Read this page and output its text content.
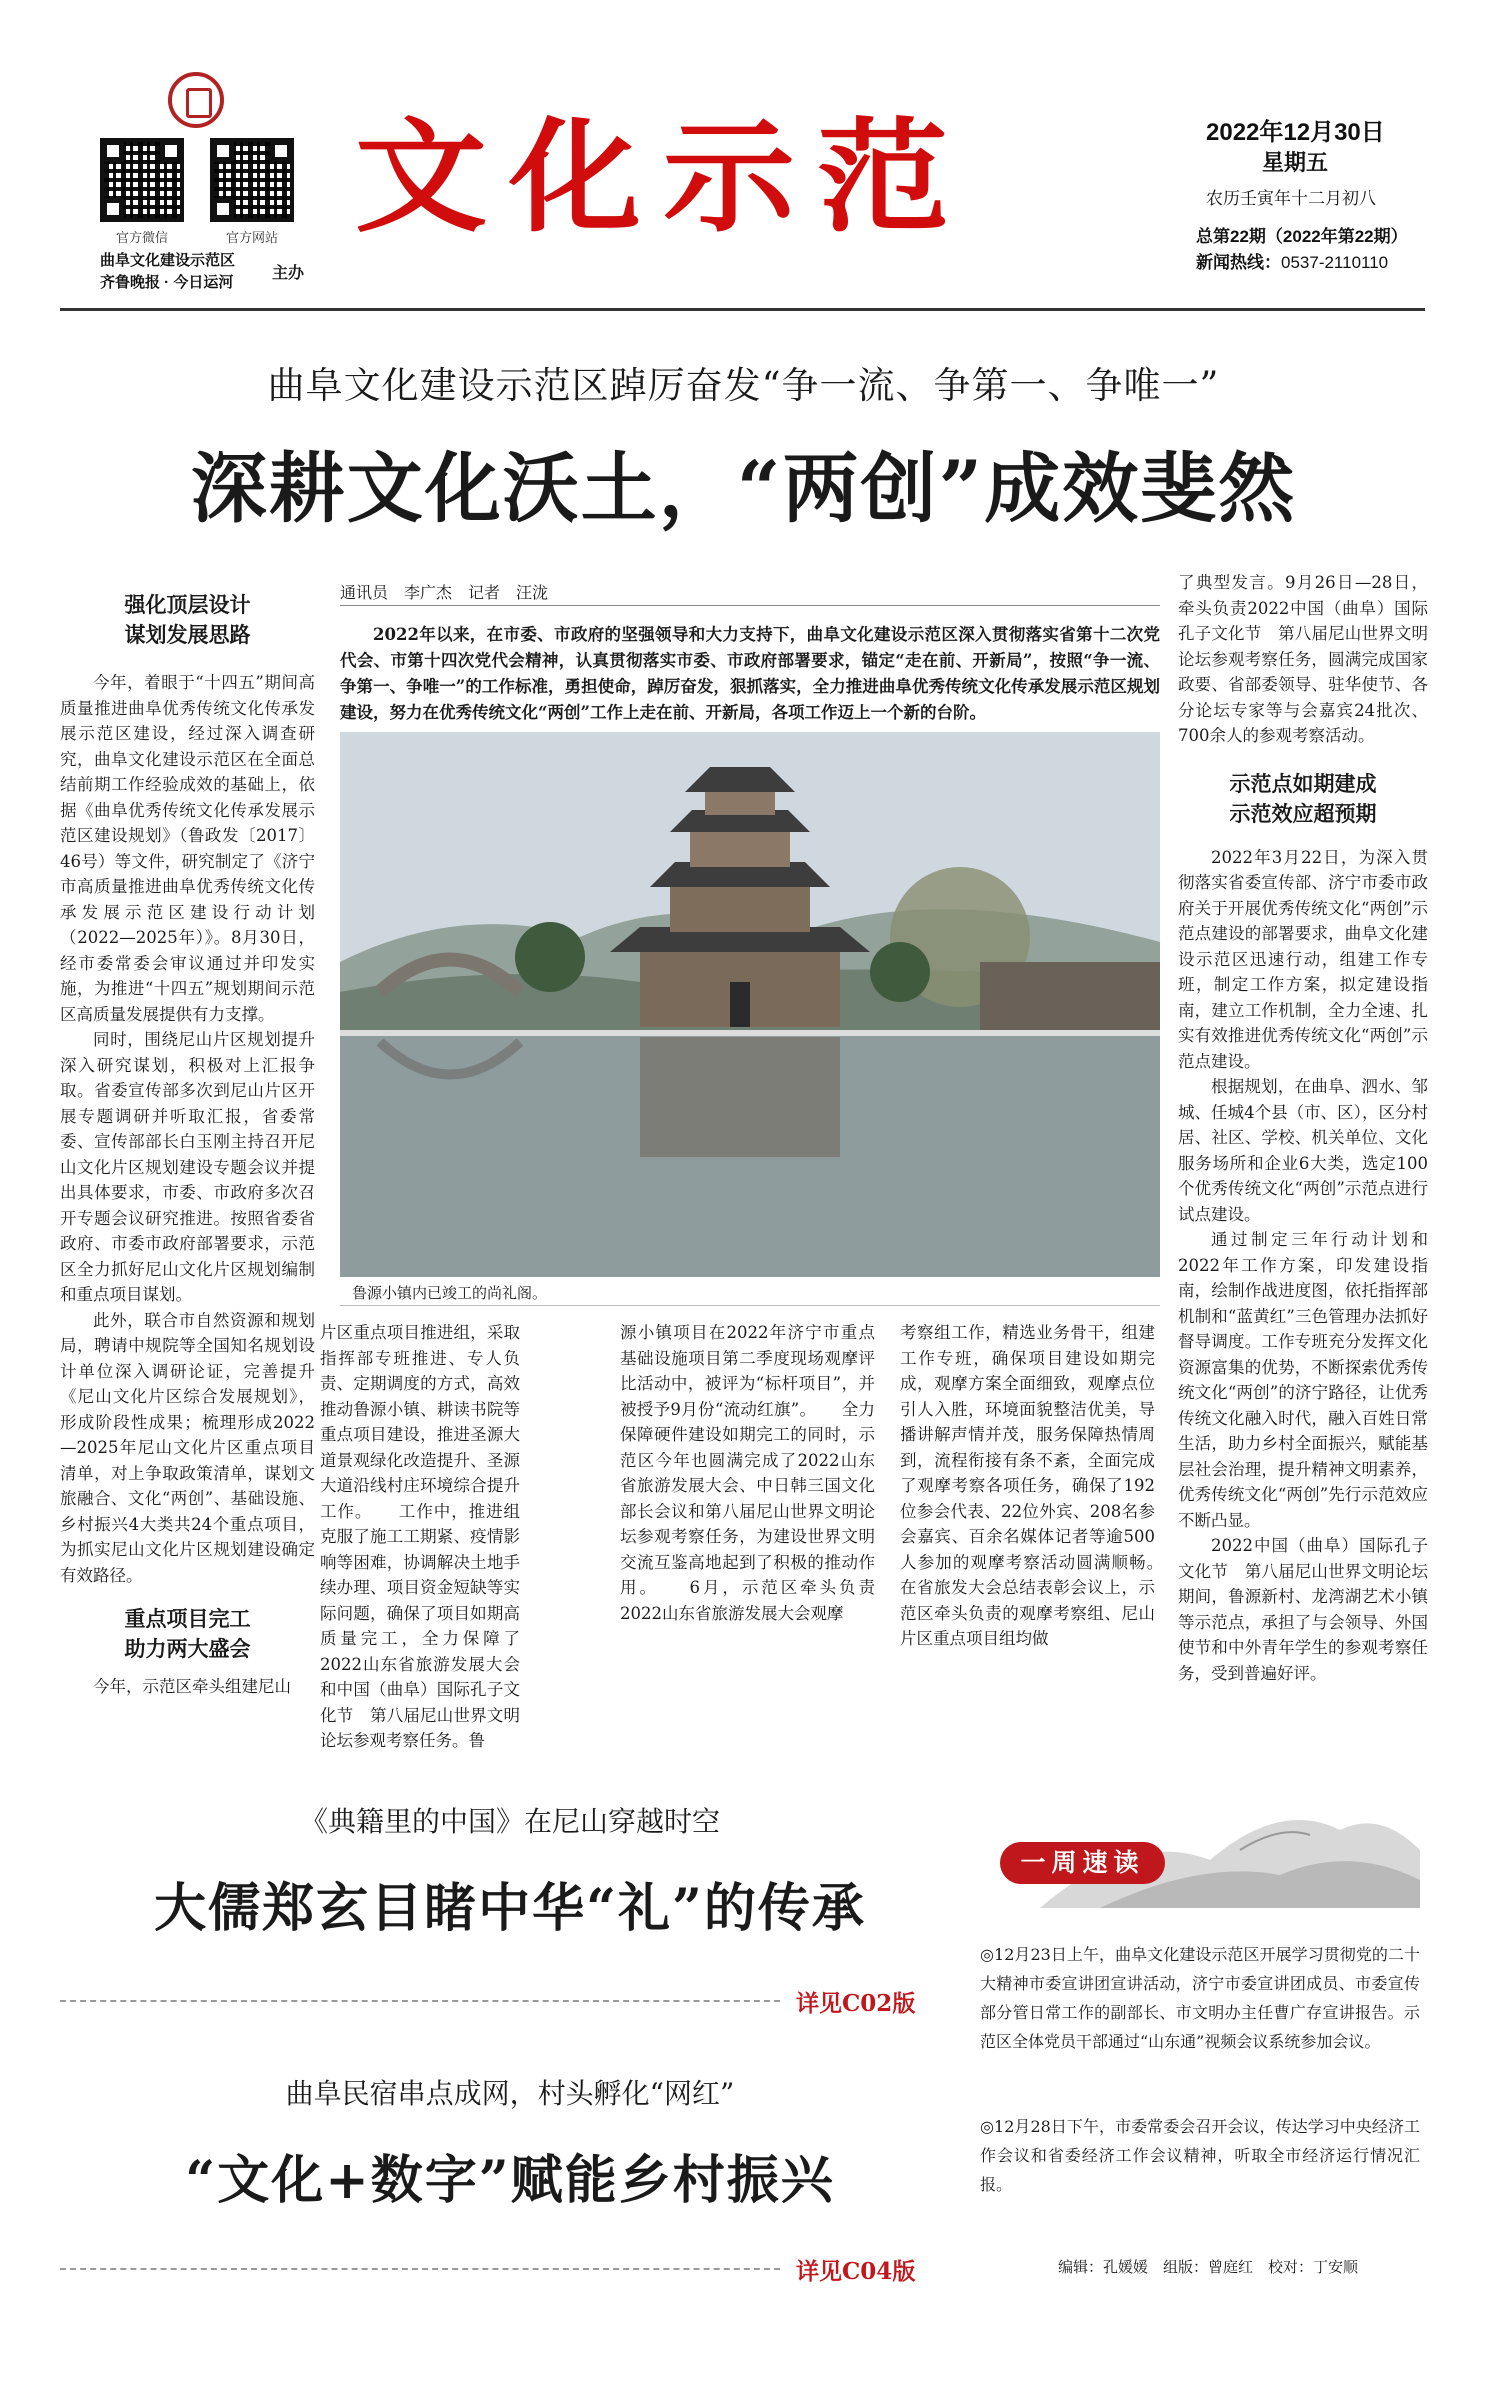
官方微信	官方网站
曲阜文化建设示范区
齐鲁晚报 · 今日运河
主办
文化示范	2022年12月30日
星期五
农历壬寅年十二月初八
总第22期（2022年第22期）
新闻热线：0537-2110110
曲阜文化建设示范区踔厉奋发“争一流、争第一、争唯一”
深耕文化沃土，“两创”成效斐然
强化顶层设计
谋划发展思路

今年，着眼于“十四五”期间高质量推进曲阜优秀传统文化传承发展示范区建设，经过深入调查研究，曲阜文化建设示范区在全面总结前期工作经验成效的基础上，依据《曲阜优秀传统文化传承发展示范区建设规划》（鲁政发〔2017〕46号）等文件，研究制定了《济宁市高质量推进曲阜优秀传统文化传承发展示范区建设行动计划（2022—2025年）》。8月30日，经市委常委会审议通过并印发实施，为推进“十四五”规划期间示范区高质量发展提供有力支撑。

同时，围绕尼山片区规划提升深入研究谋划，积极对上汇报争取。省委宣传部多次到尼山片区开展专题调研并听取汇报，省委常委、宣传部部长白玉刚主持召开尼山文化片区规划建设专题会议并提出具体要求，市委、市政府多次召开专题会议研究推进。按照省委省政府、市委市政府部署要求，示范区全力抓好尼山文化片区规划编制和重点项目谋划。

此外，联合市自然资源和规划局，聘请中规院等全国知名规划设计单位深入调研论证，完善提升《尼山文化片区综合发展规划》，形成阶段性成果；梳理形成2022—2025年尼山文化片区重点项目清单，对上争取政策清单，谋划文旅融合、文化“两创”、基础设施、乡村振兴4大类共24个重点项目，为抓实尼山文化片区规划建设确定有效路径。

重点项目完工
助力两大盛会

今年，示范区牵头组建尼山

通讯员　李广杰　记者　汪泷

2022年以来，在市委、市政府的坚强领导和大力支持下，曲阜文化建设示范区深入贯彻落实省第十二次党代会、市第十四次党代会精神，认真贯彻落实市委、市政府部署要求，锚定“走在前、开新局”，按照“争一流、争第一、争唯一”的工作标准，勇担使命，踔厉奋发，狠抓落实，全力推进曲阜优秀传统文化传承发展示范区规划建设，努力在优秀传统文化“两创”工作上走在前、开新局，各项工作迈上一个新的台阶。

鲁源小镇内已竣工的尚礼阁。

片区重点项目推进组，采取指挥部专班推进、专人负责、定期调度的方式，高效推动鲁源小镇、耕读书院等重点项目建设，推进圣源大道景观绿化改造提升、圣源大道沿线村庄环境综合提升工作。　　工作中，推进组克服了施工工期紧、疫情影响等困难，协调解决土地手续办理、项目资金短缺等实际问题，确保了项目如期高质量完工，全力保障了2022山东省旅游发展大会和中国（曲阜）国际孔子文化节　第八届尼山世界文明论坛参观考察任务。鲁

源小镇项目在2022年济宁市重点基础设施项目第二季度现场观摩评比活动中，被评为“标杆项目”，并被授予9月份“流动红旗”。　　全力保障硬件建设如期完工的同时，示范区今年也圆满完成了2022山东省旅游发展大会、中日韩三国文化部长会议和第八届尼山世界文明论坛参观考察任务，为建设世界文明交流互鉴高地起到了积极的推动作用。　　6月，示范区牵头负责2022山东省旅游发展大会观摩

考察组工作，精选业务骨干，组建工作专班，确保项目建设如期完成，观摩方案全面细致，观摩点位引人入胜，环境面貌整洁优美，导播讲解声情并茂，服务保障热情周到，流程衔接有条不紊，全面完成了观摩考察各项任务，确保了192位参会代表、22位外宾、208名参会嘉宾、百余名媒体记者等逾500人参加的观摩考察活动圆满顺畅。　　在省旅发大会总结表彰会议上，示范区牵头负责的观摩考察组、尼山片区重点项目组均做

了典型发言。9月26日—28日，牵头负责2022中国（曲阜）国际孔子文化节　第八届尼山世界文明论坛参观考察任务，圆满完成国家政要、省部委领导、驻华使节、各分论坛专家等与会嘉宾24批次、700余人的参观考察活动。

示范点如期建成
示范效应超预期

2022年3月22日，为深入贯彻落实省委宣传部、济宁市委市政府关于开展优秀传统文化“两创”示范点建设的部署要求，曲阜文化建设示范区迅速行动，组建工作专班，制定工作方案，拟定建设指南，建立工作机制，全力全速、扎实有效推进优秀传统文化“两创”示范点建设。

根据规划，在曲阜、泗水、邹城、任城4个县（市、区），区分村居、社区、学校、机关单位、文化服务场所和企业6大类，选定100个优秀传统文化“两创”示范点进行试点建设。

通过制定三年行动计划和2022年工作方案，印发建设指南，绘制作战进度图，依托指挥部机制和“蓝黄红”三色管理办法抓好督导调度。工作专班充分发挥文化资源富集的优势，不断探索优秀传统文化“两创”的济宁路径，让优秀传统文化融入时代，融入百姓日常生活，助力乡村全面振兴，赋能基层社会治理，提升精神文明素养，优秀传统文化“两创”先行示范效应不断凸显。

2022中国（曲阜）国际孔子文化节　第八届尼山世界文明论坛期间，鲁源新村、龙湾湖艺术小镇等示范点，承担了与会领导、外国使节和中外青年学生的参观考察任务，受到普遍好评。

《典籍里的中国》在尼山穿越时空
大儒郑玄目睹中华“礼”的传承
详见C02版
曲阜民宿串点成网，村头孵化“网红”
“文化+数字”赋能乡村振兴
详见C04版
一周速读

◎12月23日上午，曲阜文化建设示范区开展学习贯彻党的二十大精神市委宣讲团宣讲活动，济宁市委宣讲团成员、市委宣传部分管日常工作的副部长、市文明办主任曹广存宣讲报告。示范区全体党员干部通过“山东通”视频会议系统参加会议。

◎12月28日下午，市委常委会召开会议，传达学习中央经济工作会议和省委经济工作会议精神，听取全市经济运行情况汇报。

编辑：孔媛媛　组版：曾庭红　校对：丁安顺
